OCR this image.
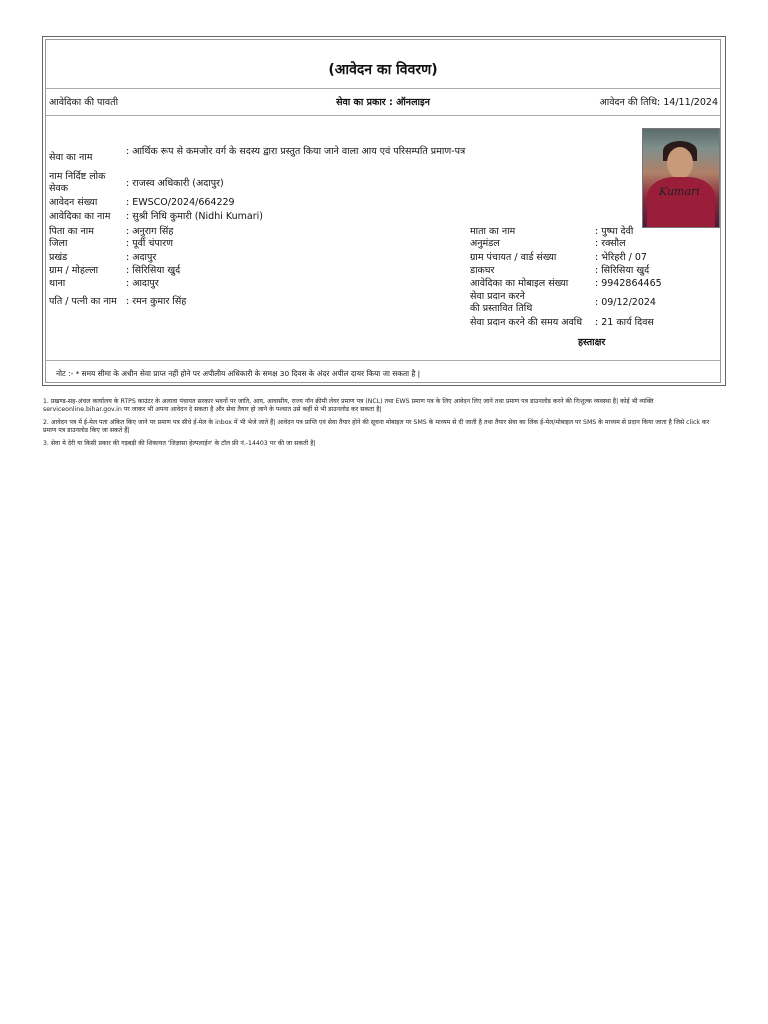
(आवेदन का विवरण)
आवेदिका की पावती	सेवा का प्रकार : ऑनलाइन	आवेदन की तिथि: 14/11/2024
सेवा का नाम
: आर्थिक रूप से कमजोर वर्ग के सदस्य द्वारा प्रस्तुत किया जाने वाला आय एवं परिसम्पति प्रमाण-पत्र
नाम निर्दिष्ट लोक सेवक	: राजस्व अधिकारी (अदापुर)
आवेदन संख्या	: EWSCO/2024/664229
आवेदिका का नाम : सुश्री निधि कुमारी (Nidhi Kumari)
पिता का नाम	: अनुराग सिंह
जिला	: पूर्वी चंपारण
प्रखंड	: अदापुर
ग्राम / मोहल्ला	: सिरिसिया खुर्द
थाना	: आदापुर
पति / पत्नी का नाम : रमन कुमार सिंह
माता का नाम	: पुष्पा देवी
अनुमंडल	: रक्सौल
ग्राम पंचायत / वार्ड संख्या	: भेरिहरी / 07
डाकघर	: सिरिसिया खुर्द
आवेदिका का मोबाइल संख्या	: 9942864465
सेवा प्रदान करने
की प्रस्तावित तिथि
: 09/12/2024
सेवा प्रदान करने की समय अवधि : 21 कार्य दिवस
हस्ताक्षर
Kumari
नोट :- * समय सीमा के अधीन सेवा प्राप्त नहीं होने पर अपीलीय अधिकारी के समक्ष 30 दिवस के अंदर अपील दायर किया जा सकता है |
1. प्रखण्ड-सह-अंचल कार्यालय के RTPS काउंटर के अलावा पंचायत सरकार भवनों पर जाति, आय, आवासीय, राज्य नॉन क्रीमी लेयर प्रमाण पत्र (NCL) तथा EWS प्रमाण पत्र के लिए आवेदन लिए जाने तथा प्रमाण पत्र डाउनलोड करने की निःशुल्क व्यवस्था है| कोई भी व्यक्ति serviceonline.bihar.gov.in पर जाकर भी अपना आवेदन दे सकता है और सेवा तैयार हो जाने के पश्चात उसे कहीं से भी डाउनलोड कर सकता है|
2. आवेदन पत्र में ई-मेल पता अंकित किए जाने पर प्रमाण पत्र सीधे ई-मेल के inbox में भी भेजे जाते हैं| आवेदन पत्र प्राप्ति एवं सेवा तैयार होने की सूचना मोबाइल पर SMS के माध्यम से दी जाती है तथा तैयार सेवा का लिंक ई-मेल/मोबाइल पर SMS के माध्यम से प्रदान किया जाता है जिसे click कर प्रमाण पत्र डाउनलोड किए जा सकते हैं|
3. सेवा मे देरी या किसी प्रकार की गड़बड़ी की शिकायत 'जिज्ञासा हेल्पलाईन' के टॉल फ्री नं.-14403 पर की जा सकती है|
